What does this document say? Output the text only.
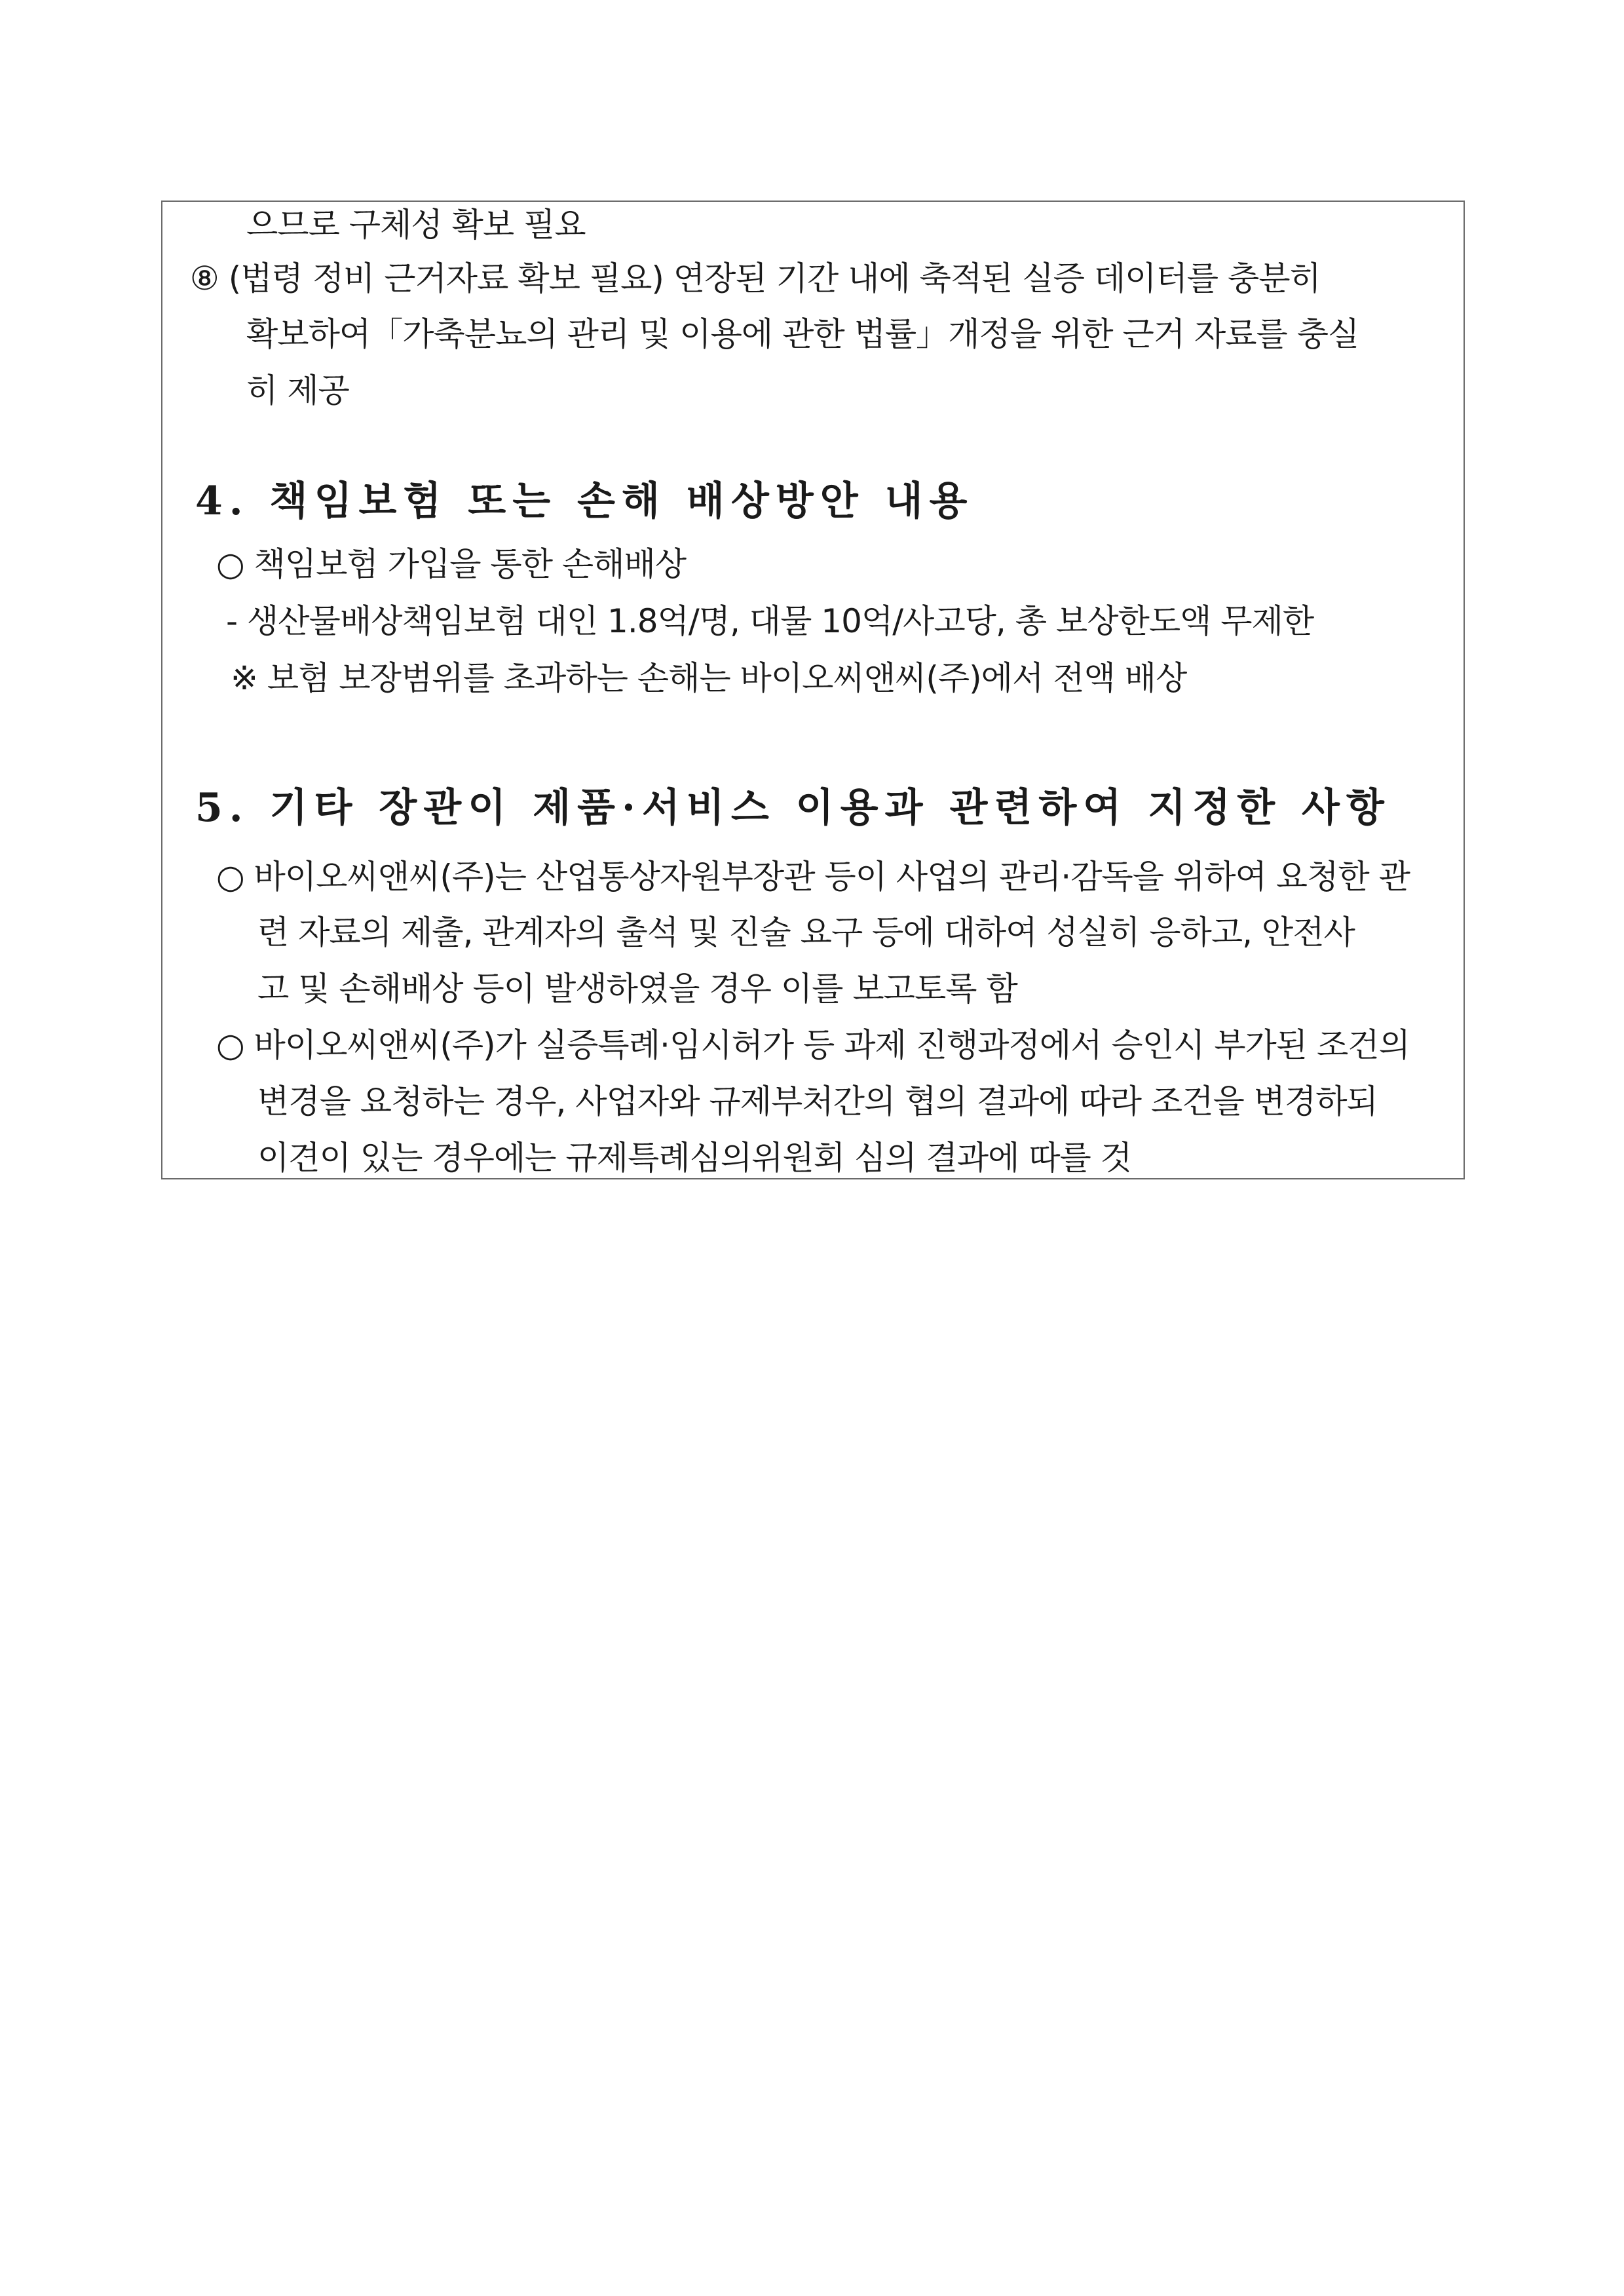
으므로 구체성 확보 필요
⑧ (법령 정비 근거자료 확보 필요) 연장된 기간 내에 축적된 실증 데이터를 충분히
확보하여「가축분뇨의 관리 및 이용에 관한 법률」개정을 위한 근거 자료를 충실
히 제공
4. 책임보험 또는 손해 배상방안 내용
○ 책임보험 가입을 통한 손해배상
- 생산물배상책임보험 대인 1.8억/명, 대물 10억/사고당, 총 보상한도액 무제한
※ 보험 보장범위를 초과하는 손해는 바이오씨앤씨(주)에서 전액 배상
5. 기타 장관이 제품·서비스 이용과 관련하여 지정한 사항
○ 바이오씨앤씨(주)는 산업통상자원부장관 등이 사업의 관리·감독을 위하여 요청한 관
련 자료의 제출, 관계자의 출석 및 진술 요구 등에 대하여 성실히 응하고, 안전사
고 및 손해배상 등이 발생하였을 경우 이를 보고토록 함
○ 바이오씨앤씨(주)가 실증특례·임시허가 등 과제 진행과정에서 승인시 부가된 조건의
변경을 요청하는 경우, 사업자와 규제부처간의 협의 결과에 따라 조건을 변경하되
이견이 있는 경우에는 규제특례심의위원회 심의 결과에 따를 것
